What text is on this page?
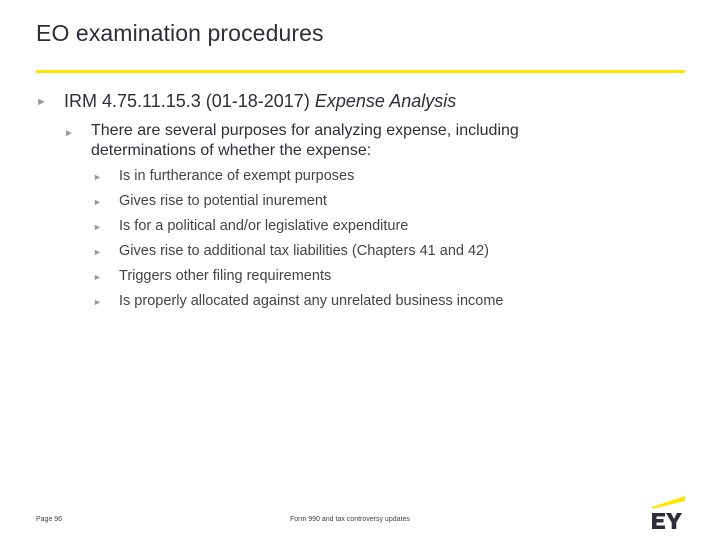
EO examination procedures
► IRM 4.75.11.15.3 (01-18-2017) Expense Analysis
►	There are several purposes for analyzing expense, including determinations of whether the expense:
►	Is in furtherance of exempt purposes
►	Gives rise to potential inurement
►	Is for a political and/or legislative expenditure
►	Gives rise to additional tax liabilities (Chapters 41 and 42)
►	Triggers other filing requirements
►	Is properly allocated against any unrelated business income
Page 96	Form 990 and tax controversy updates
